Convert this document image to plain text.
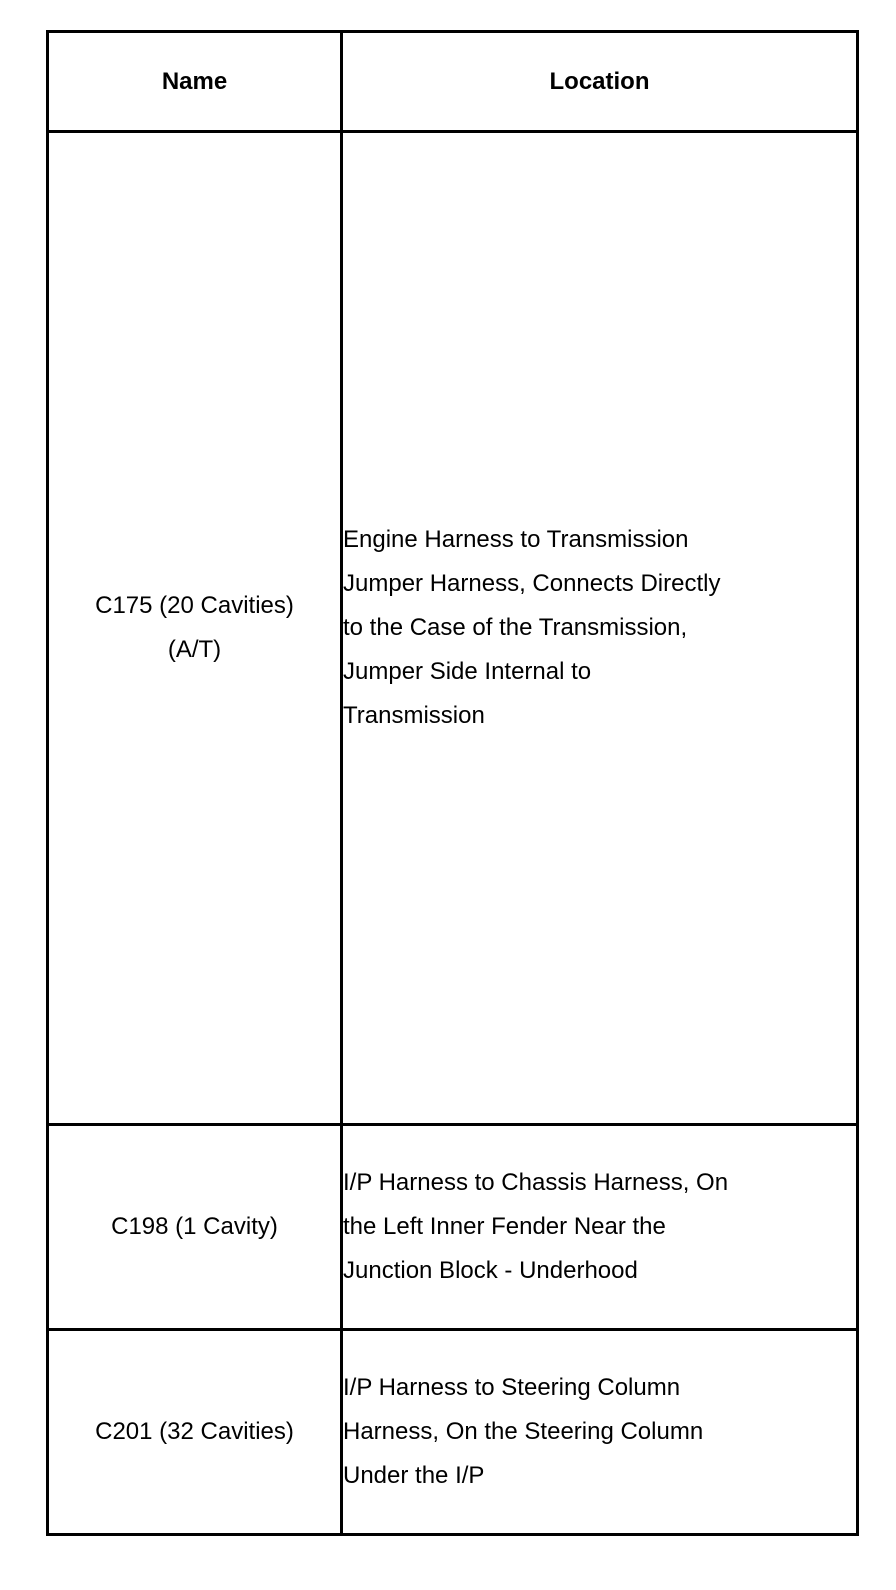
Name	Location

C175 (20 Cavities)
(A/T)	Engine Harness to Transmission
Jumper Harness, Connects Directly
to the Case of the Transmission,
Jumper Side Internal to
Transmission

C198 (1 Cavity)	I/P Harness to Chassis Harness, On
the Left Inner Fender Near the
Junction Block - Underhood

C201 (32 Cavities)	I/P Harness to Steering Column
Harness, On the Steering Column
Under the I/P
